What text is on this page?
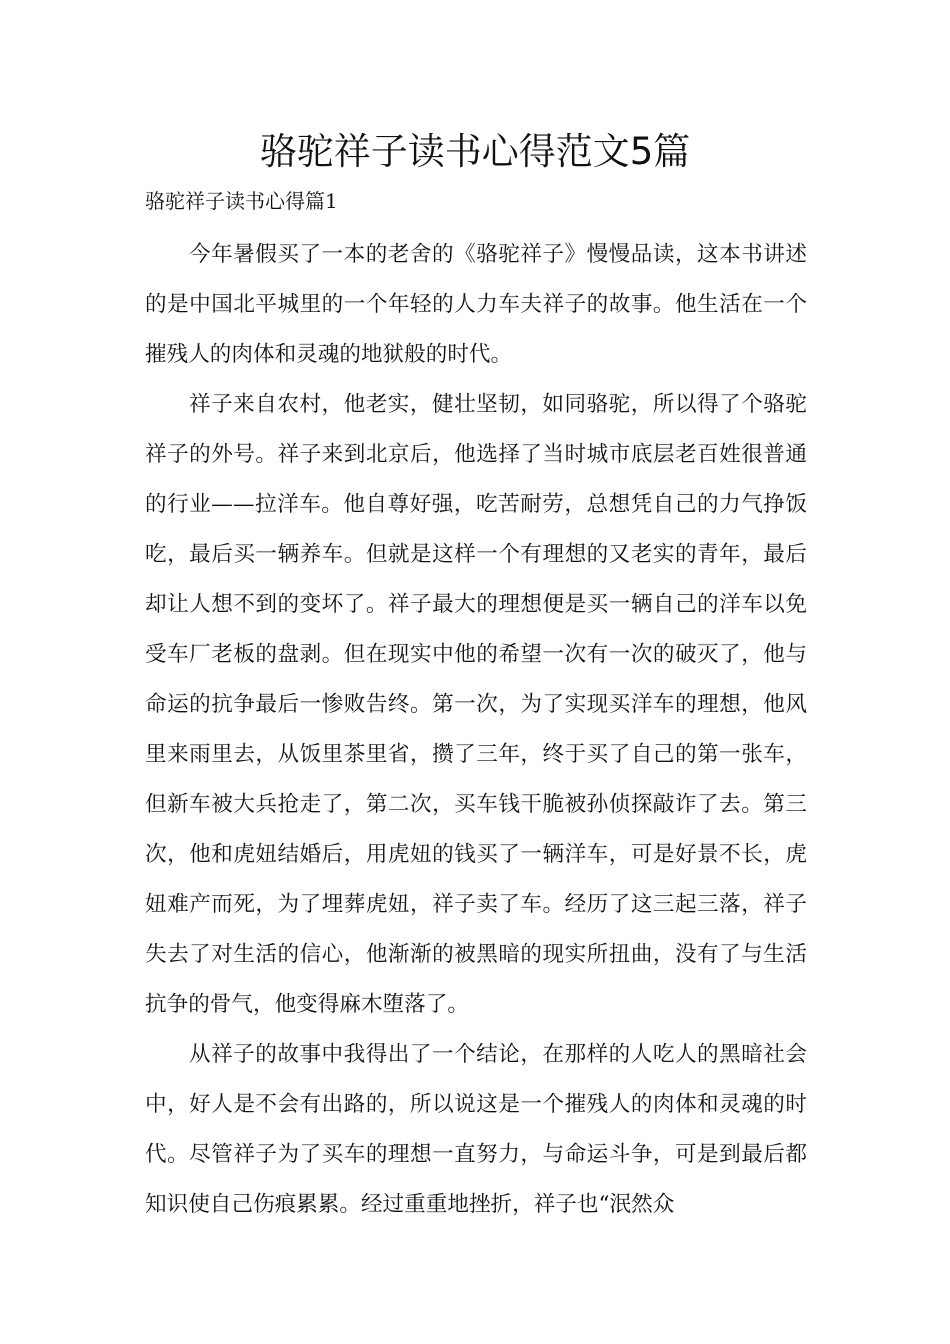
骆驼祥子读书心得范文5篇

骆驼祥子读书心得篇1

今年暑假买了一本的老舍的《骆驼祥子》慢慢品读，这本书讲述的是中国北平城里的一个年轻的人力车夫祥子的故事。他生活在一个摧残人的肉体和灵魂的地狱般的时代。

祥子来自农村，他老实，健壮坚韧，如同骆驼，所以得了个骆驼祥子的外号。祥子来到北京后，他选择了当时城市底层老百姓很普通的行业——拉洋车。他自尊好强，吃苦耐劳，总想凭自己的力气挣饭吃，最后买一辆养车。但就是这样一个有理想的又老实的青年，最后却让人想不到的变坏了。祥子最大的理想便是买一辆自己的洋车以免受车厂老板的盘剥。但在现实中他的希望一次有一次的破灭了，他与命运的抗争最后一惨败告终。第一次，为了实现买洋车的理想，他风里来雨里去，从饭里茶里省，攒了三年，终于买了自己的第一张车，但新车被大兵抢走了，第二次，买车钱干脆被孙侦探敲诈了去。第三次，他和虎妞结婚后，用虎妞的钱买了一辆洋车，可是好景不长，虎妞难产而死，为了埋葬虎妞，祥子卖了车。经历了这三起三落，祥子失去了对生活的信心，他渐渐的被黑暗的现实所扭曲，没有了与生活抗争的骨气，他变得麻木堕落了。

从祥子的故事中我得出了一个结论，在那样的人吃人的黑暗社会中，好人是不会有出路的，所以说这是一个摧残人的肉体和灵魂的时代。尽管祥子为了买车的理想一直努力，与命运斗争，可是到最后都知识使自己伤痕累累。经过重重地挫折，祥子也“泯然众
